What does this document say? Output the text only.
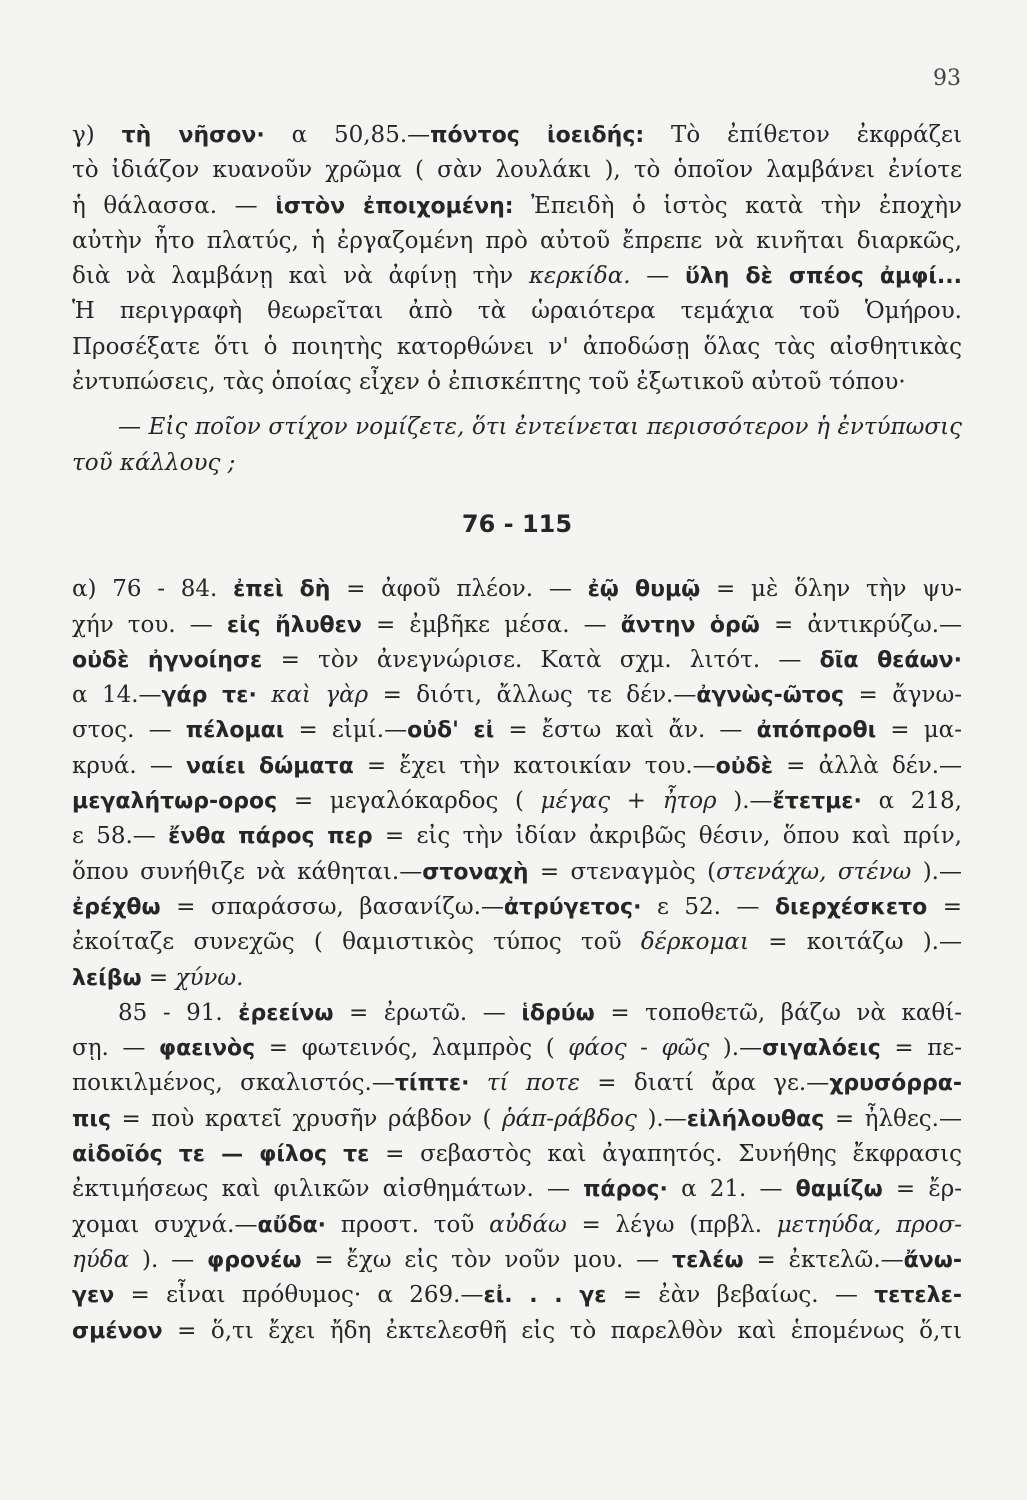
93
γ) τὴ νῆσον· α 50,85.—πόντος ἰοειδής: Τὸ ἐπίθετον ἐκφράζει
τὸ ἰδιάζον κυανοῦν χρῶμα ( σὰν λουλάκι ), τὸ ὁποῖον λαμβάνει ἐνίοτε
ἡ θάλασσα. — ἱστὸν ἐποιχομένη: Ἐπειδὴ ὁ ἱστὸς κατὰ τὴν ἐποχὴν
αὐτὴν ἦτο πλατύς, ἡ ἐργαζομένη πρὸ αὐτοῦ ἔπρεπε νὰ κινῆται διαρκῶς,
διὰ νὰ λαμβάνῃ καὶ νὰ ἀφίνῃ τὴν κερκίδα. — ὕλη δὲ σπέος ἀμφί...
Ἡ περιγραφὴ θεωρεῖται ἀπὸ τὰ ὡραιότερα τεμάχια τοῦ Ὁμήρου.
Προσέξατε ὅτι ὁ ποιητὴς κατορθώνει ν' ἀποδώσῃ ὅλας τὰς αἰσθητικὰς
ἐντυπώσεις, τὰς ὁποίας εἶχεν ὁ ἐπισκέπτης τοῦ ἐξωτικοῦ αὐτοῦ τόπου·
— Εἰς ποῖον στίχον νομίζετε, ὅτι ἐντείνεται περισσότερον ἡ ἐντύπωσις
τοῦ κάλλους ;
76 - 115
α) 76 - 84. ἐπεὶ δὴ = ἀφοῦ πλέον. — ἐῷ θυμῷ = μὲ ὅλην τὴν ψυ-
χήν του. — εἰς ἤλυθεν = ἐμβῆκε μέσα. — ἄντην ὁρῶ = ἀντικρύζω.—
οὐδὲ ἠγνοίησε = τὸν ἀνεγνώρισε. Κατὰ σχμ. λιτότ. — δῖα θεάων·
α 14.—γάρ τε· καὶ γὰρ = διότι, ἄλλως τε δέν.—ἀγνὼς-ῶτος = ἄγνω-
στος. — πέλομαι = εἰμί.—οὐδ' εἰ = ἔστω καὶ ἄν. — ἀπόπροθι = μα-
κρυά. — ναίει δώματα = ἔχει τὴν κατοικίαν του.—οὐδὲ = ἀλλὰ δέν.—
μεγαλήτωρ-ορος = μεγαλόκαρδος ( μέγας + ἦτορ ).—ἔτετμε· α 218,
ε 58.— ἔνθα πάρος περ = εἰς τὴν ἰδίαν ἀκριβῶς θέσιν, ὅπου καὶ πρίν,
ὅπου συνήθιζε νὰ κάθηται.—στοναχὴ = στεναγμὸς (στενάχω, στένω ).—
ἐρέχθω = σπαράσσω, βασανίζω.—ἀτρύγετος· ε 52. — διερχέσκετο =
ἐκοίταζε συνεχῶς ( θαμιστικὸς τύπος τοῦ δέρκομαι = κοιτάζω ).—
λείβω = χύνω.
85 - 91. ἐρεείνω = ἐρωτῶ. — ἱδρύω = τοποθετῶ, βάζω νὰ καθί-
σῃ. — φαεινὸς = φωτεινός, λαμπρὸς ( φάος - φῶς ).—σιγαλόεις = πε-
ποικιλμένος, σκαλιστός.—τίπτε· τί ποτε = διατί ἄρα γε.—χρυσόρρα-
πις = ποὺ κρατεῖ χρυσῆν ράβδον ( ῥάπ-ράβδος ).—εἰλήλουθας = ἦλθες.—
αἰδοῖός τε — φίλος τε = σεβαστὸς καὶ ἀγαπητός. Συνήθης ἔκφρασις
ἐκτιμήσεως καὶ φιλικῶν αἰσθημάτων. — πάρος· α 21. — θαμίζω = ἔρ-
χομαι συχνά.—αὔδα· προστ. τοῦ αὐδάω = λέγω (πρβλ. μετηύδα, προσ-
ηύδα ). — φρονέω = ἔχω εἰς τὸν νοῦν μου. — τελέω = ἐκτελῶ.—ἄνω-
γεν = εἶναι πρόθυμος· α 269.—εἰ. . . γε = ἐὰν βεβαίως. — τετελε-
σμένον = ὅ,τι ἔχει ἤδη ἐκτελεσθῆ εἰς τὸ παρελθὸν καὶ ἑπομένως ὅ,τι
